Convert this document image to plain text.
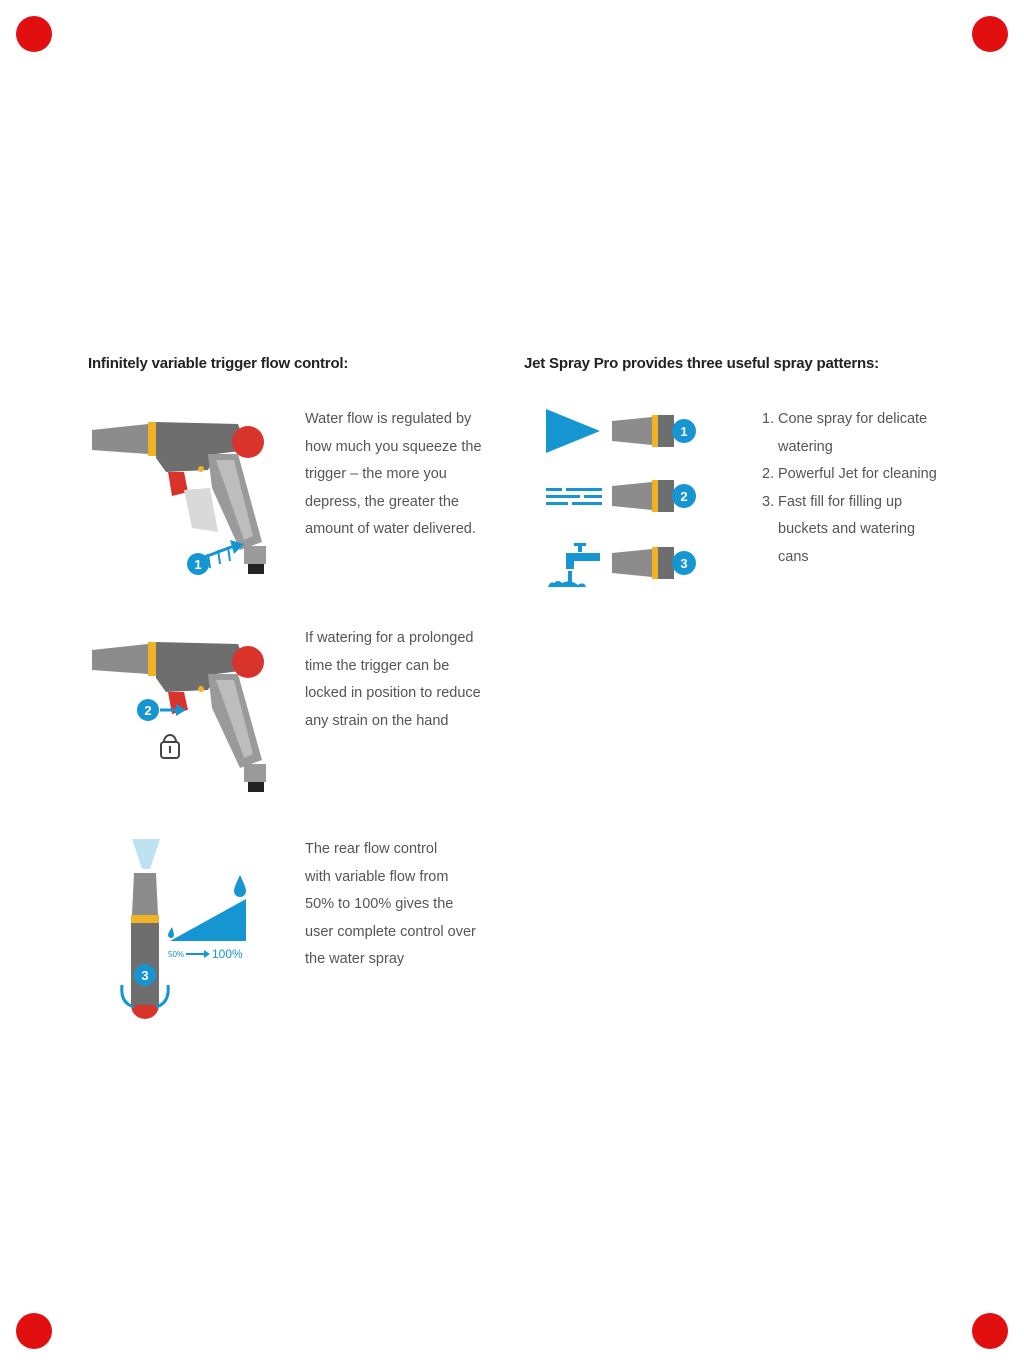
Infinitely variable trigger flow control:	Jet Spray Pro provides three useful spray patterns:
1
Water flow is regulated by
how much you squeeze the
trigger – the more you
depress, the greater the
amount of water delivered.
2
If watering for a prolonged
time the trigger can be
locked in position to reduce
any strain on the hand
3
50% 100%
The rear flow control
with variable flow from
50% to 100% gives the
user complete control over
the water spray
1
2
3
1. Cone spray for delicate watering
2. Powerful Jet for cleaning
3. Fast fill for filling up buckets and watering cans
